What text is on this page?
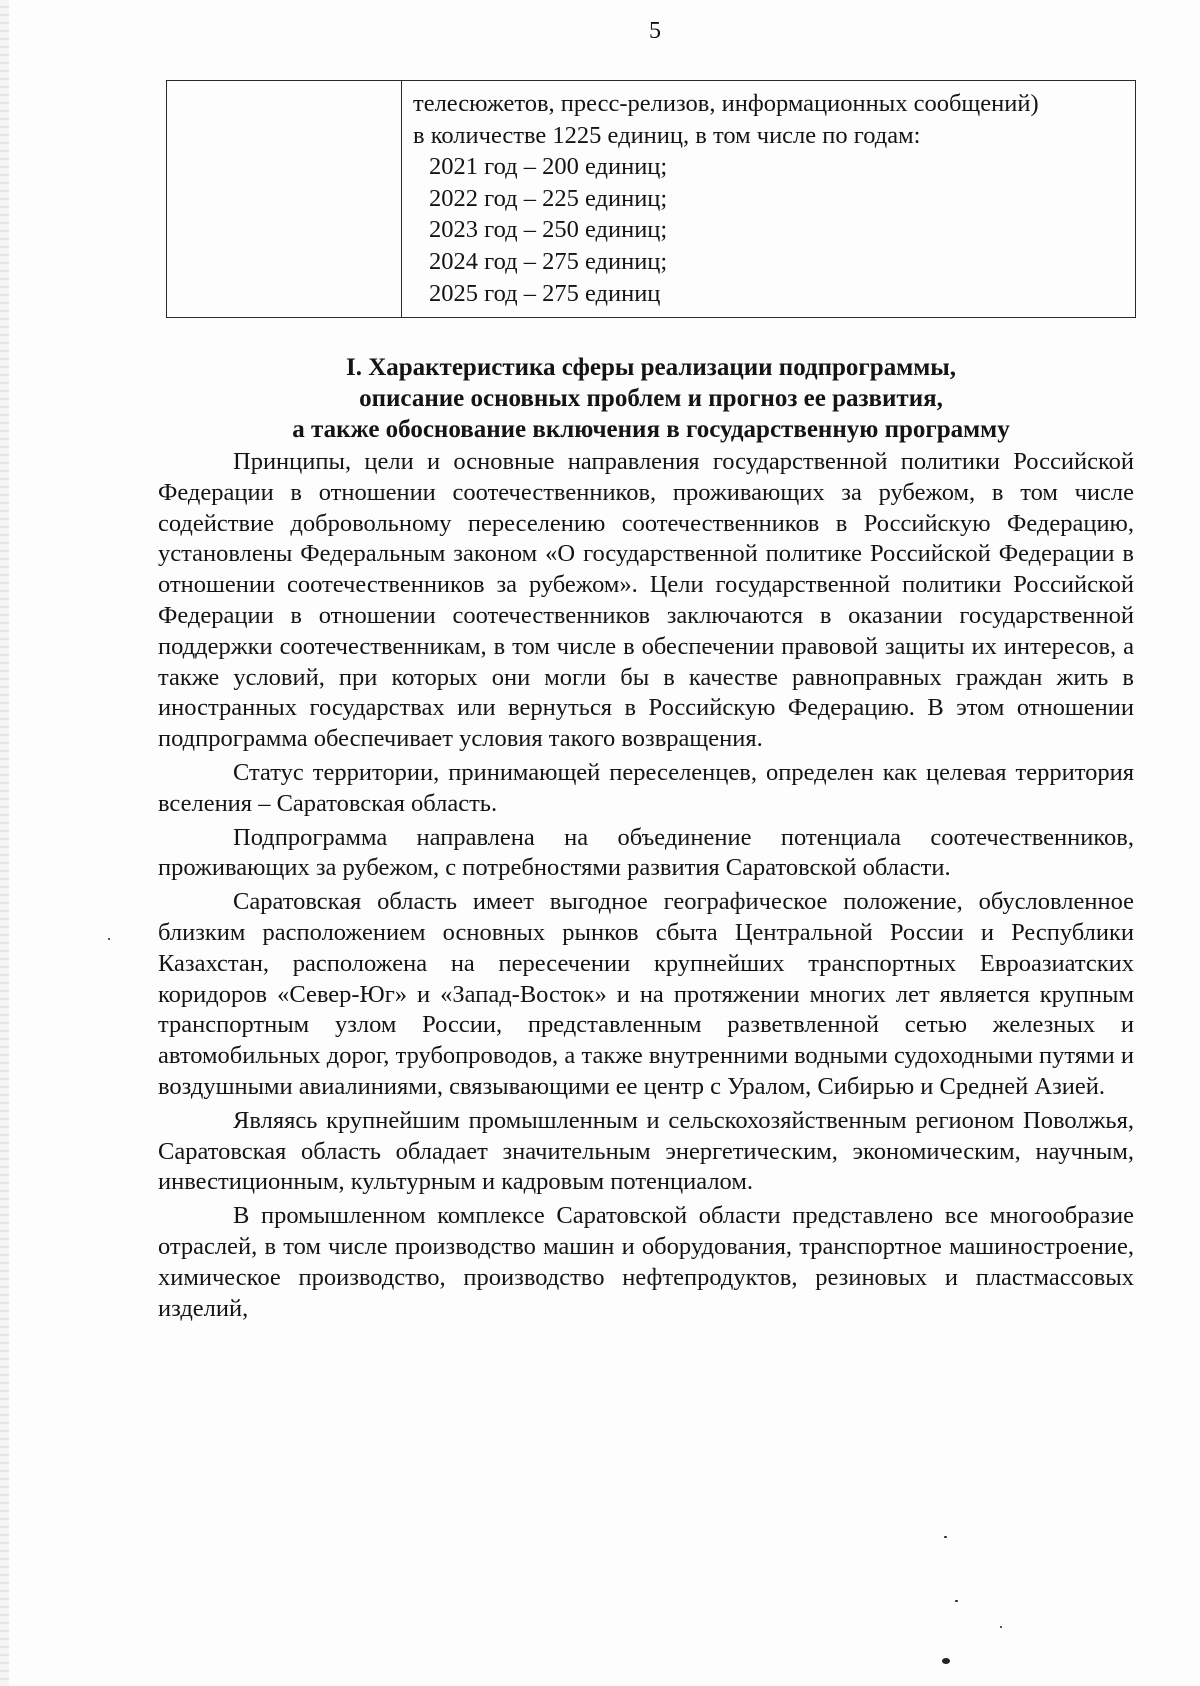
5
телесюжетов, пресс-релизов, информационных сообщений)
в количестве 1225 единиц, в том числе по годам:
2021 год – 200 единиц;
2022 год – 225 единиц;
2023 год – 250 единиц;
2024 год – 275 единиц;
2025 год – 275 единиц
I. Характеристика сферы реализации подпрограммы,
описание основных проблем и прогноз ее развития,
а также обоснование включения в государственную программу

Принципы, цели и основные направления государственной политики Российской Федерации в отношении соотечественников, проживающих за рубежом, в том числе содействие добровольному переселению соотечественников в Российскую Федерацию, установлены Федеральным законом «О государственной политике Российской Федерации в отношении соотечественников за рубежом». Цели государственной политики Российской Федерации в отношении соотечественников заключаются в оказании государственной поддержки соотечественникам, в том числе в обеспечении правовой защиты их интересов, а также условий, при которых они могли бы в качестве равноправных граждан жить в иностранных государствах или вернуться в Российскую Федерацию. В этом отношении подпрограмма обеспечивает условия такого возвращения.

Статус территории, принимающей переселенцев, определен как целевая территория вселения – Саратовская область.

Подпрограмма направлена на объединение потенциала соотечественников, проживающих за рубежом, с потребностями развития Саратовской области.

Саратовская область имеет выгодное географическое положение, обусловленное близким расположением основных рынков сбыта Центральной России и Республики Казахстан, расположена на пересечении крупнейших транспортных Евроазиатских коридоров «Север-Юг» и «Запад-Восток» и на протяжении многих лет является крупным транспортным узлом России, представленным разветвленной сетью железных и автомобильных дорог, трубопроводов, а также внутренними водными судоходными путями и воздушными авиалиниями, связывающими ее центр с Уралом, Сибирью и Средней Азией.

Являясь крупнейшим промышленным и сельскохозяйственным регионом Поволжья, Саратовская область обладает значительным энергетическим, экономическим, научным, инвестиционным, культурным и кадровым потенциалом.

В промышленном комплексе Саратовской области представлено все многообразие отраслей, в том числе производство машин и оборудования, транспортное машиностроение, химическое производство, производство нефтепродуктов, резиновых и пластмассовых изделий,
